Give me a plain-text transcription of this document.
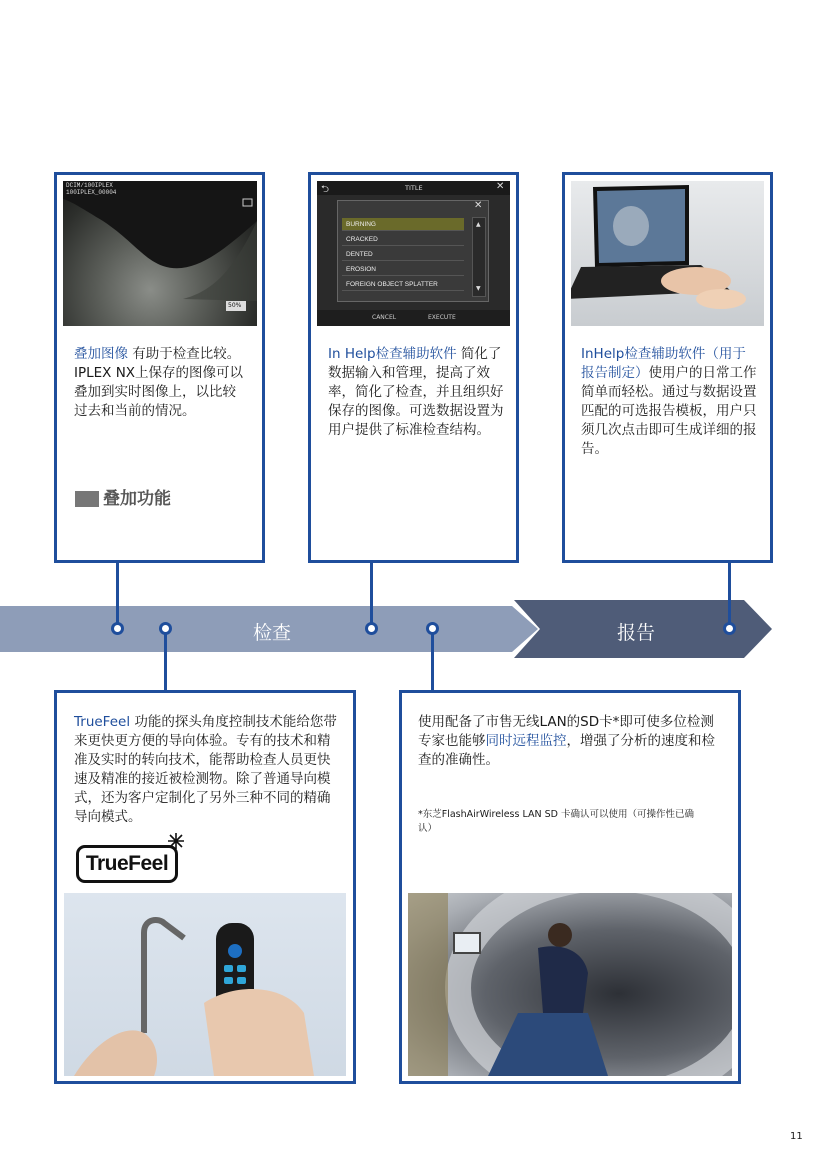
检查	报告
DCIM/100IPLEX
100IPLEX_00004
50%
叠加图像 有助于检查比较。IPLEX NX上保存的图像可以叠加到实时图像上，以比较过去和当前的情况。
叠加功能
⮌	TITLE	✕
✕
▲
▼
CANCEL	EXECUTE
BURNING
CRACKED
DENTED
EROSION
FOREIGN OBJECT SPLATTER
In Help检查辅助软件 简化了数据输入和管理，提高了效率，简化了检查，并且组织好保存的图像。可选数据设置为用户提供了标准检查结构。
InHelp检查辅助软件（用于报告制定）使用户的日常工作简单而轻松。通过与数据设置匹配的可选报告模板，用户只须几次点击即可生成详细的报告。
TrueFeel 功能的探头角度控制技术能给您带来更快更方便的导向体验。专有的技术和精准及实时的转向技术，能帮助检查人员更快速及精准的接近被检测物。除了普通导向模式，还为客户定制化了另外三种不同的精确导向模式。
TrueFeel
使用配备了市售无线LAN的SD卡*即可使多位检测专家也能够同时远程监控，增强了分析的速度和检查的准确性。
*东芝FlashAirWireless LAN SD 卡确认可以使用（可操作性已确认）
11
